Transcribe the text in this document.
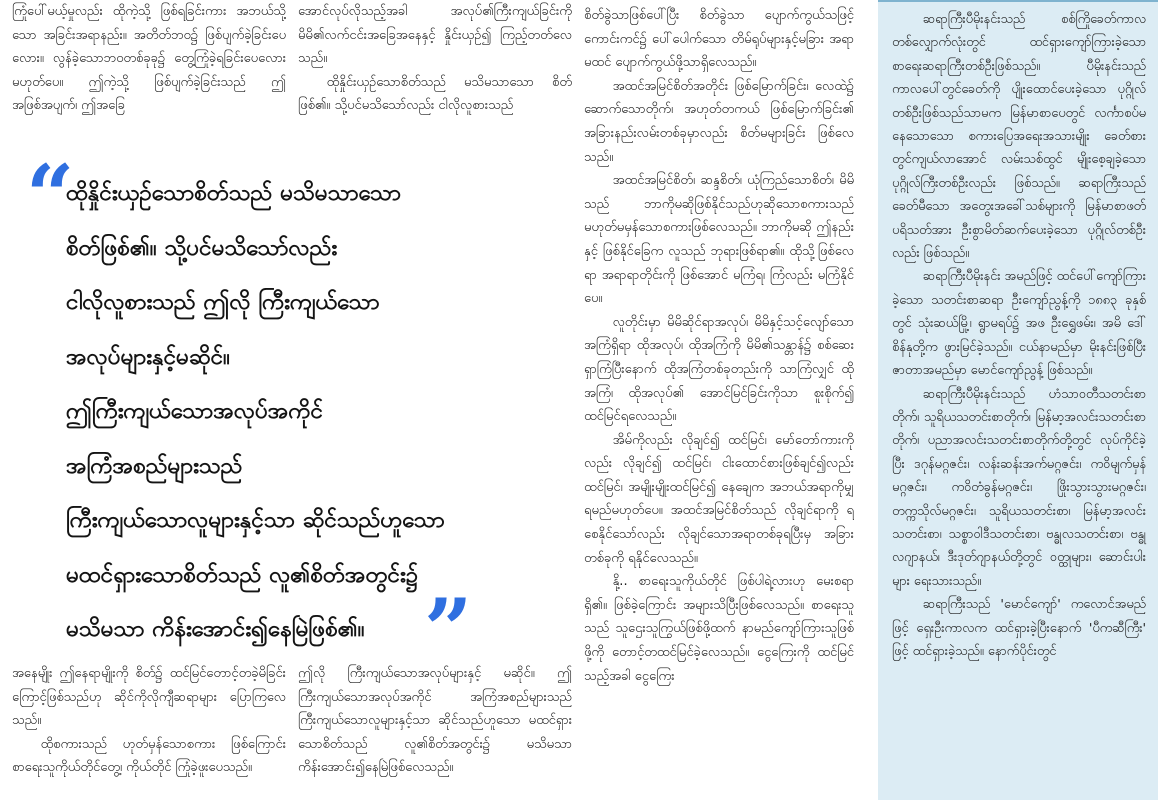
ကြုံပေါ်မယ့်မှုလည်း ထိုကဲ့သို့ ဖြစ်ရခြင်းကား အဘယ်သို့သော အခြင်းအရာနည်း။ အတိတ်ဘဝ၌ ဖြစ်ပျက်ခဲ့ခြင်းပေလေား။ လွန်ခဲ့သောဘဝတစ်ခုခု၌ တွေ့ကြုံခဲ့ရခြင်းပေလေား မဟုတ်ပေ။ ဤကဲ့သို့ ဖြစ်ပျက်ခဲ့ခြင်းသည် ဤအဖြစ်အပျက်၊ ဤအခြေ

အောင်လုပ်လိုသည့်အခါ အလုပ်၏ကြီးကျယ်ခြင်းကို မိမိ၏လက်ငင်းအခြေအနေနှင့် နှိုင်းယှဉ်၍ ကြည့်တတ်လေသည်။

ထိုနှိုင်းယှဉ်သောစိတ်သည် မသိမသာသော စိတ်ဖြစ်၏။ သို့ပင်မသိသော်လည်း ငါလိုလူစားသည်

“
ထိုနှိုင်းယှဉ်သောစိတ်သည် မသိမသာသော
စိတ်ဖြစ်၏။ သို့ပင်မသိသော်လည်း
ငါလိုလူစားသည် ဤလို ကြီးကျယ်သော
အလုပ်များနှင့်မဆိုင်။
ဤကြီးကျယ်သောအလုပ်အကိုင်
အကြံအစည်များသည်
ကြီးကျယ်သောလူများနှင့်သာ ဆိုင်သည်ဟူသော
မထင်ရှားသောစိတ်သည် လူ၏စိတ်အတွင်း၌
မသိမသာ ကိန်းအောင်း၍နေမြဲဖြစ်၏။ ”

အနေမျိုး ဤနေရာမျိုးကို စိတ်၌ ထင်မြင်တောင့်တခဲ့မိခြင်းကြောင့်ဖြစ်သည်ဟု ဆိုင်ကိုလိုကျီဆရာများ ပြောကြလေသည်။

ထိုစကားသည် ဟုတ်မှန်သောစကား ဖြစ်ကြောင်း စာရေးသူကိုယ်တိုင်တွေ့၊ ကိုယ်တိုင် ကြုံခဲ့ဖူးပေသည်။

ဤလို ကြီးကျယ်သောအလုပ်များနှင့် မဆိုင်။ ဤကြီးကျယ်သောအလုပ်အကိုင် အကြံအစည်များသည် ကြီးကျယ်သောလူများနှင့်သာ ဆိုင်သည်ဟူသော မထင်ရှားသောစိတ်သည် လူ၏စိတ်အတွင်း၌ မသိမသာ ကိန်းအောင်း၍နေမြဲဖြစ်လေသည်။

စိတ်ခွဲသာဖြစ်ပေါ်ပြီး စိတ်ခွဲသာ ပျောက်ကွယ်သဖြင့် ကောင်းကင်၌ ပေါ်ပေါက်သော တိမ်ရုပ်များနှင့်မခြား အရာမထင် ပျောက်ကွယ်ဖို့သာရှိလေသည်။

အထင်အမြင်စိတ်အတိုင်း ဖြစ်မြောက်ခြင်း၊ လေထဲ၌ ဆောက်သောတိုက်၊ အဟုတ်တကယ် ဖြစ်မြောက်ခြင်း၏ အခြားနည်းလမ်းတစ်ခုမှာလည်း စိတ်မများခြင်း ဖြစ်လေသည်။

အထင်အမြင်စိတ်၊ ဆန္ဒစိတ်၊ ယုံကြည်သောစိတ်၊ မိမိသည် ဘာကိုမဆိုဖြစ်နိုင်သည်ဟုဆိုသောစကားသည် မဟုတ်မမှန်သောစကားဖြစ်လေသည်။ ဘာကိုမဆို ဤနည်းနှင့် ဖြစ်နိုင်ခြေက လူသည် ဘုရားဖြစ်ရာ၏။ ထိုသို့ဖြစ်လေရာ အရာရာတိုင်းကို ဖြစ်အောင် မကြံရ၊ ကြံလည်း မကြံနိုင်ပေ။

လူတိုင်းမှာ မိမိဆိုင်ရာအလုပ်၊ မိမိနှင့်သင့်လျော်သော အကြံရှိရာ ထိုအလုပ်၊ ထိုအကြံကို မိမိ၏သန္တာန်၌ စစ်ဆေးရှာကြံပြီးနောက် ထိုအကြံတစ်ခုတည်းကို သာကြံလျှင် ထိုအကြံ၊ ထိုအလုပ်၏ အောင်မြင်ခြင်းကိုသာ စူးစိုက်၍ ထင်မြင်ရလေသည်။

အိမ်ကိုလည်း လိုချင်၍ ထင်မြင်၊ မော်တော်ကားကိုလည်း လိုချင်၍ ထင်မြင်၊ ငါးထောင်စားဖြစ်ချင်၍လည်း ထင်မြင်၊ အမျိုးမျိုးထင်မြင်၍ နေချေက အဘယ်အရာကိုမျှ ရမည်မဟုတ်ပေ။ အထင်အမြင်စိတ်သည် လိုချင်ရာကို ရစေနိုင်သော်လည်း လိုချင်သောအရာတစ်ခုရပြီးမှ အခြားတစ်ခုကို ရနိုင်လေသည်။

နို့.. စာရေးသူကိုယ်တိုင် ဖြစ်ပါရဲ့လားဟု မေးစရာရှိ၏။ ဖြစ်ခဲ့ကြောင်း အများသိပြီးဖြစ်လေသည်။ စာရေးသူသည် သူဌေးသူကြွယ်ဖြစ်ဖို့ထက် နာမည်ကျော်ကြားသူဖြစ်ဖို့ကို တောင့်တထင်မြင်ခဲ့လေသည်။ ငွေကြေးကို ထင်မြင်သည့်အခါ ငွေကြေး

ဆရာကြီးပီမိုးနင်းသည် စစ်ကြိုခေတ်ကာလ တစ်လျှောက်လုံးတွင် ထင်ရှားကျော်ကြားခဲ့သော စာရေးဆရာကြီးတစ်ဦးဖြစ်သည်။ ပီမိုးနင်းသည် ကာလပေါ်တွင်ခေတ်ကို ပျိုးထောင်ပေးခဲ့သော ပုဂ္ဂိုလ်တစ်ဦးဖြစ်သည်သာမက မြန်မာစာပေတွင် လင်္ကာစပ်မနေသောသော စကားပြေအရေးအသားမျိုး ခေတ်စားတွင်ကျယ်လာအောင် လမ်းသစ်ထွင် မျိုးစေ့ချခဲ့သော ပုဂ္ဂိုလ်ကြီးတစ်ဦးလည်း ဖြစ်သည်။ ဆရာကြီးသည်ခေတ်မီသော အတွေးအခေါ်သစ်များကို မြန်မာစာဖတ်ပရိသတ်အား ဦးစွာမိတ်ဆက်ပေးခဲ့သော ပုဂ္ဂိုလ်တစ်ဦးလည်း ဖြစ်သည်။

ဆရာကြီးပီမိုးနင်း အမည်ဖြင့် ထင်ပေါ်ကျော်ကြားခဲ့သော သတင်းစာဆရာ ဦးကျော်ညွန့်ကို ၁၈၈၃ ခုနှစ်တွင် သုံးဆယ်မြို့၊ ရွာမရပ်၌ အဖ ဦးရွှေဖမ်း၊ အမိ ဒေါ်စိန်နုတို့က ဖွားမြင်ခဲ့သည်။ ငယ်နာမည်မှာ မိုးနင်းဖြစ်ပြီး ဇာတာအမည်မှာ မောင်ကျော်ညွန့် ဖြစ်သည်။

ဆရာကြီးပီမိုးနင်းသည် ဟံသာဝတီသတင်းစာတိုက်၊ သူရိယသတင်းစာတိုက်၊ မြန်မာ့အလင်းသတင်းစာတိုက်၊ ပညာအလင်းသတင်းစာတိုက်တို့တွင် လုပ်ကိုင်ခဲ့ပြီး ဒဂုန်မဂ္ဂဇင်း၊ လန်းဆန်းအက်မဂ္ဂဇင်း၊ ကဝိမျက်မှန်မဂ္ဂဇင်း၊ ကဝိတံခွန်မဂ္ဂဇင်း၊ ဖြိုးသွားသွားမဂ္ဂဇင်း၊ တက္ကသိုလ်မဂ္ဂဇင်း၊ သူရိယသတင်းစာ၊ မြန်မာ့အလင်းသတင်းစာ၊ သစ္စာဝါဒီသတင်းစာ၊ ဗန္ဓုလသတင်းစာ၊ ဗန္ဓုလဂျာနယ်၊ ဒီးဒုတ်ဂျာနယ်တို့တွင် ဝတ္ထုများ၊ ဆောင်းပါးများ ရေးသားသည်။

ဆရာကြီးသည် 'မောင်ကျော်' ကလောင်အမည်ဖြင့် ရှေးဦးကာလက ထင်ရှားခဲ့ပြီးနောက် 'ပီကဆီကြီး' ဖြင့် ထင်ရှားခဲ့သည်။ နောက်ပိုင်းတွင်
